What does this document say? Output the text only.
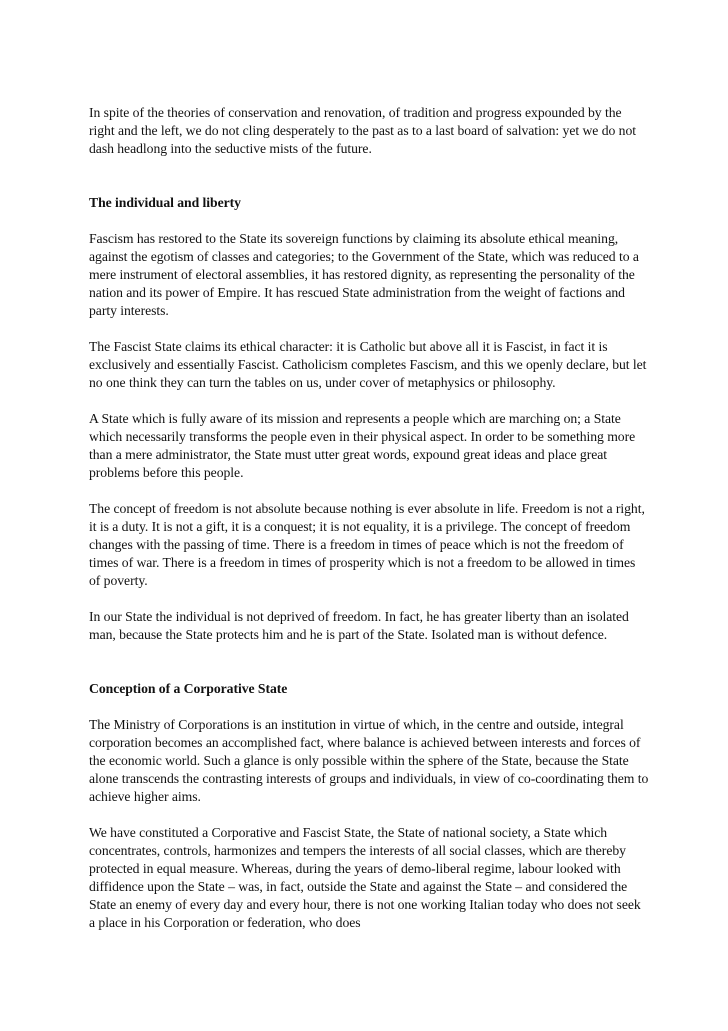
In spite of the theories of conservation and renovation, of tradition and progress expounded by the right and the left, we do not cling desperately to the past as to a last board of salvation: yet we do not dash headlong into the seductive mists of the future.

The individual and liberty

Fascism has restored to the State its sovereign functions by claiming its absolute ethical meaning, against the egotism of classes and categories; to the Government of the State, which was reduced to a mere instrument of electoral assemblies, it has restored dignity, as representing the personality of the nation and its power of Empire. It has rescued State administration from the weight of factions and party interests.

The Fascist State claims its ethical character: it is Catholic but above all it is Fascist, in fact it is exclusively and essentially Fascist. Catholicism completes Fascism, and this we openly declare, but let no one think they can turn the tables on us, under cover of metaphysics or philosophy.

A State which is fully aware of its mission and represents a people which are marching on; a State which necessarily transforms the people even in their physical aspect. In order to be something more than a mere administrator, the State must utter great words, expound great ideas and place great problems before this people.

The concept of freedom is not absolute because nothing is ever absolute in life. Freedom is not a right, it is a duty. It is not a gift, it is a conquest; it is not equality, it is a privilege. The concept of freedom changes with the passing of time. There is a freedom in times of peace which is not the freedom of times of war. There is a freedom in times of prosperity which is not a freedom to be allowed in times of poverty.

In our State the individual is not deprived of freedom. In fact, he has greater liberty than an isolated man, because the State protects him and he is part of the State. Isolated man is without defence.

Conception of a Corporative State

The Ministry of Corporations is an institution in virtue of which, in the centre and outside, integral corporation becomes an accomplished fact, where balance is achieved between interests and forces of the economic world. Such a glance is only possible within the sphere of the State, because the State alone transcends the contrasting interests of groups and individuals, in view of co-coordinating them to achieve higher aims.

We have constituted a Corporative and Fascist State, the State of national society, a State which concentrates, controls, harmonizes and tempers the interests of all social classes, which are thereby protected in equal measure. Whereas, during the years of demo-liberal regime, labour looked with diffidence upon the State – was, in fact, outside the State and against the State – and considered the State an enemy of every day and every hour, there is not one working Italian today who does not seek a place in his Corporation or federation, who does
